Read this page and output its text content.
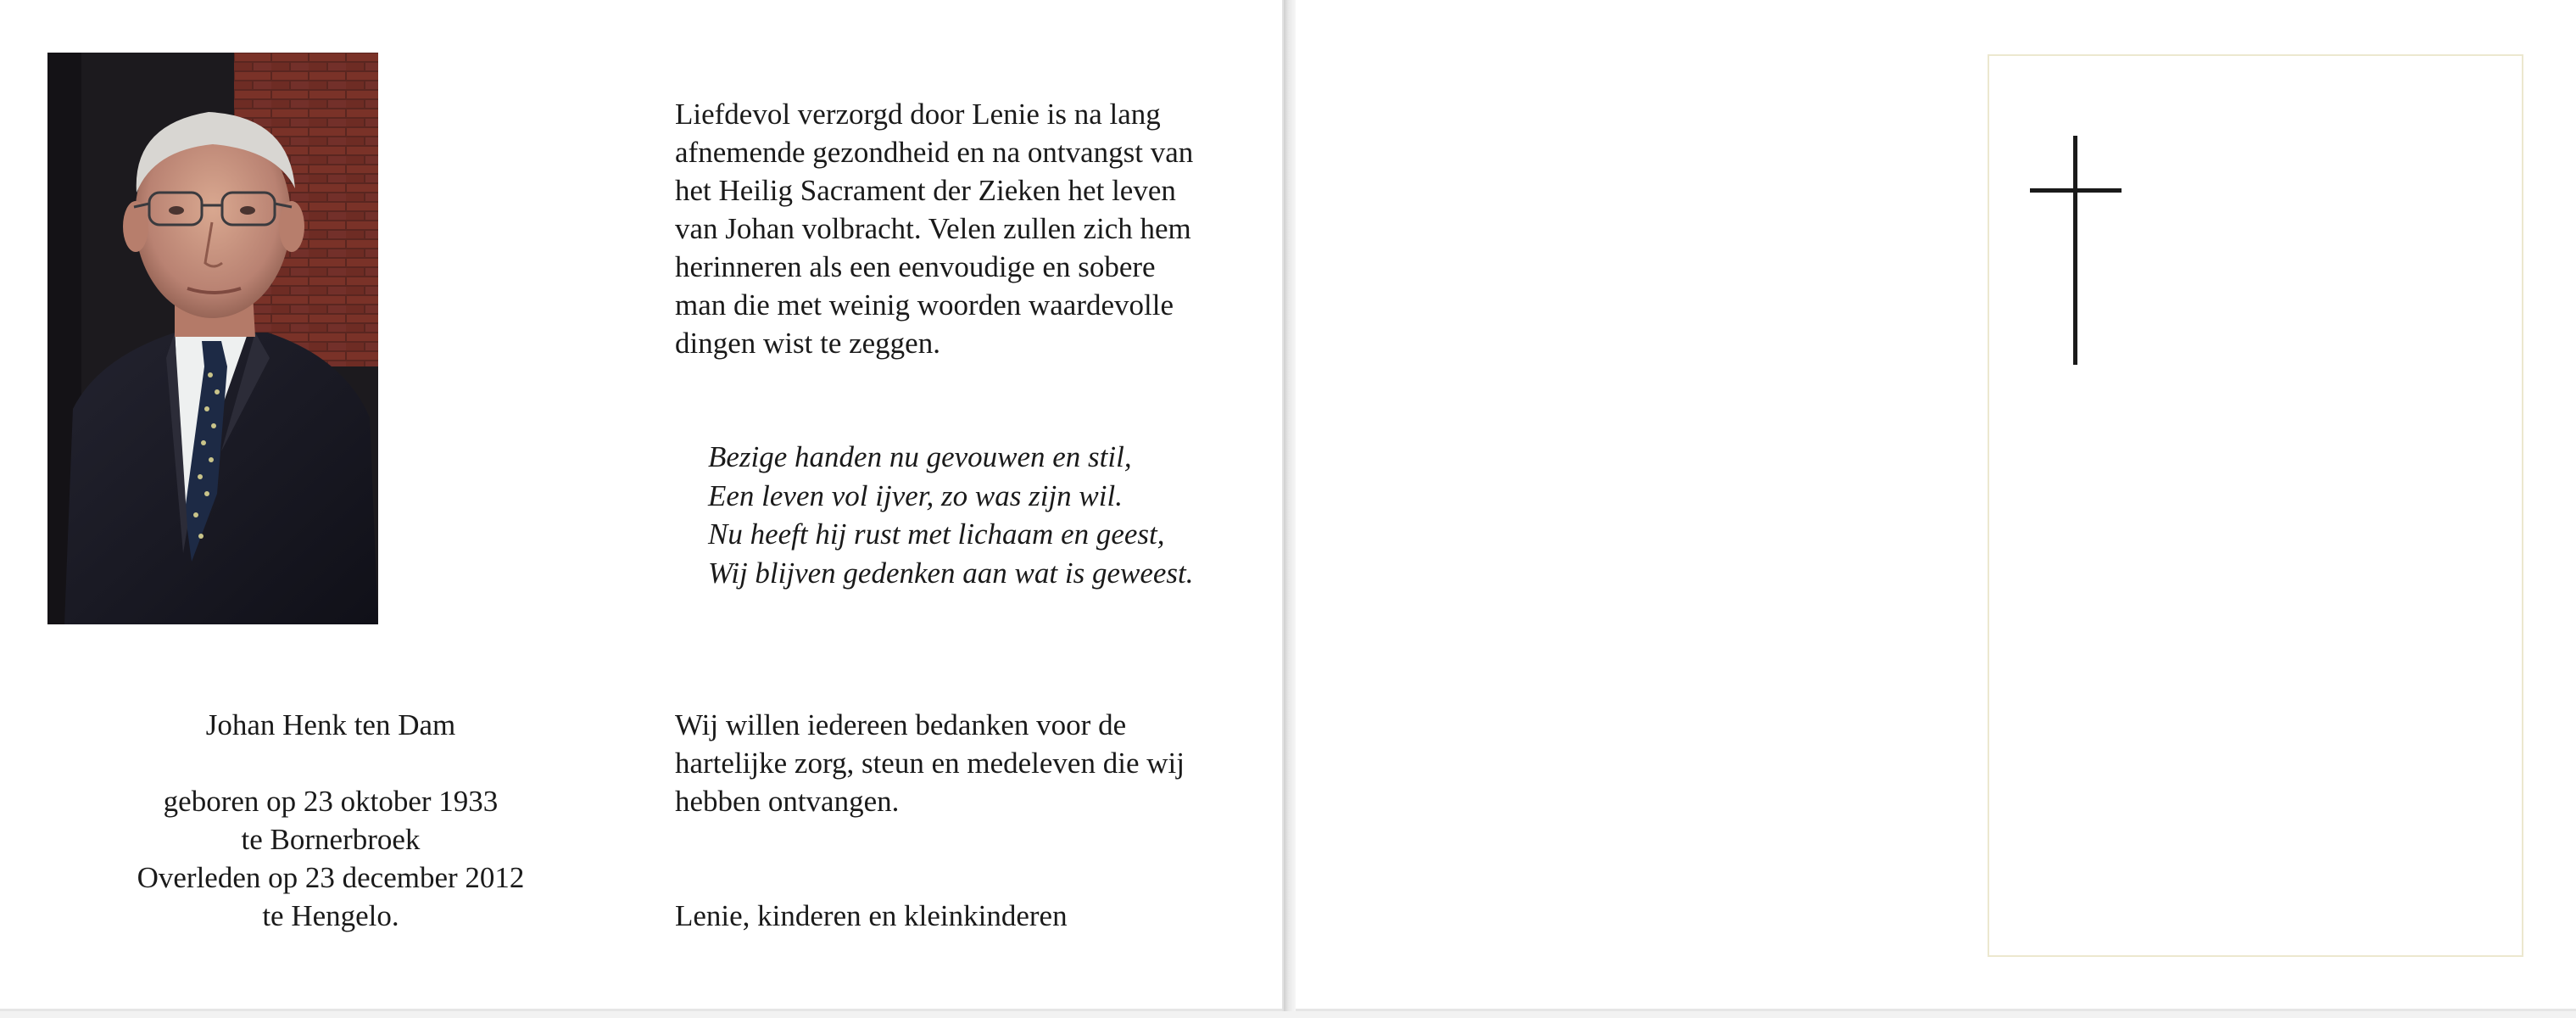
Johan Henk ten Dam
geboren op 23 oktober 1933
te Bornerbroek
Overleden op 23 december 2012
te Hengelo.
Liefdevol verzorgd door Lenie is na lang
afnemende gezondheid en na ontvangst van
het Heilig Sacrament der Zieken het leven
van Johan volbracht. Velen zullen zich hem
herinneren als een eenvoudige en sobere
man die met weinig woorden waardevolle
dingen wist te zeggen.
Bezige handen nu gevouwen en stil,
Een leven vol ijver, zo was zijn wil.
Nu heeft hij rust met lichaam en geest,
Wij blijven gedenken aan wat is geweest.
Wij willen iedereen bedanken voor de
hartelijke zorg, steun en medeleven die wij
hebben ontvangen.
Lenie, kinderen en kleinkinderen
